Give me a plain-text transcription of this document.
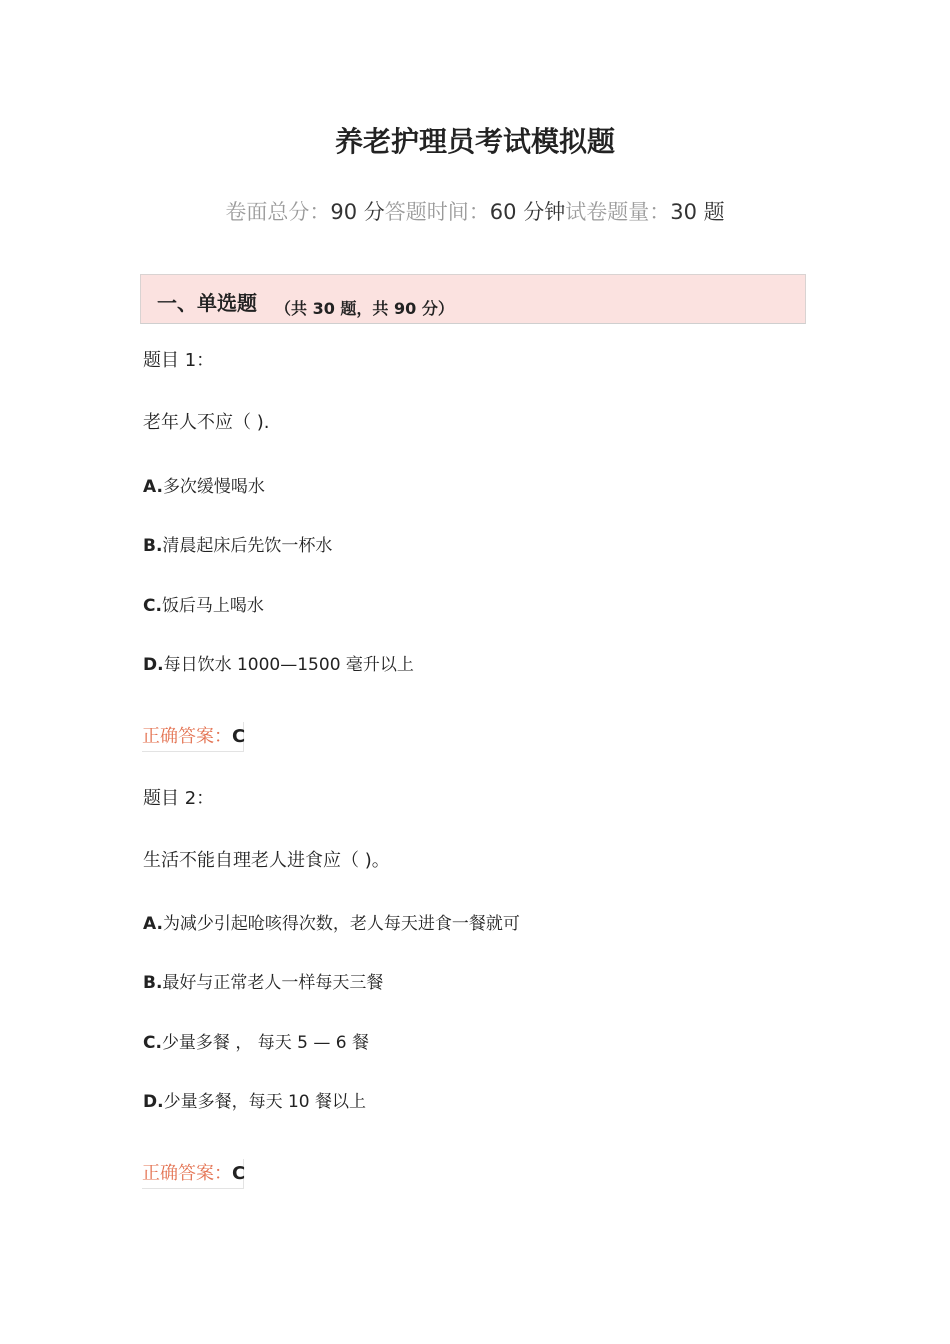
养老护理员考试模拟题
卷面总分：90 分答题时间：60 分钟试卷题量：30 题
一、单选题 （共 30 题，共 90 分）
题目 1：
老年人不应（ ).
A.多次缓慢喝水
B.清晨起床后先饮一杯水
C.饭后马上喝水
D.每日饮水 1000—1500 毫升以上
正确答案：C
题目 2：
生活不能自理老人进食应（ )。
A.为减少引起呛咳得次数，老人每天进食一餐就可
B.最好与正常老人一样每天三餐
C.少量多餐 ， 每天 5 — 6 餐
D.少量多餐，每天 10 餐以上
正确答案：C
